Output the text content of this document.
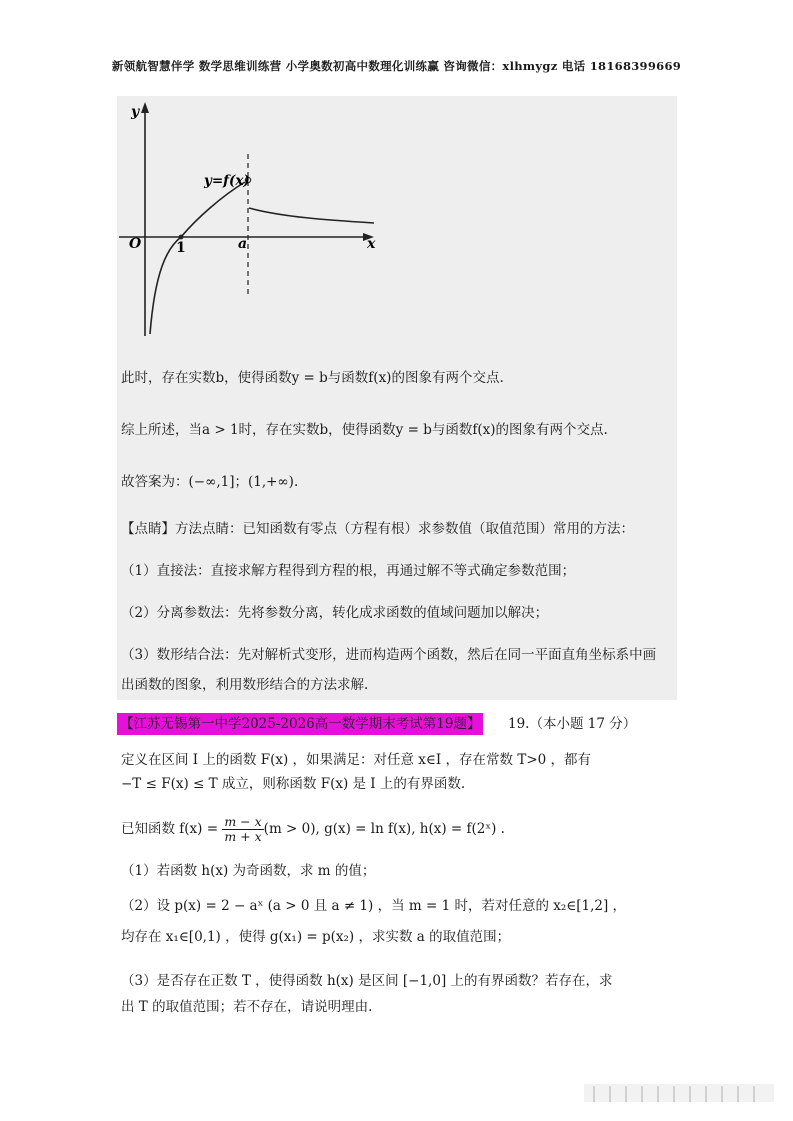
新领航智慧伴学 数学思维训练营 小学奥数初高中数理化训练赢 咨询微信：xlhmygz 电话 18168399669
y
x
O 1	a
y=f(x)
此时，存在实数b，使得函数y = b与函数f(x)的图象有两个交点.
综上所述，当a > 1时，存在实数b，使得函数y = b与函数f(x)的图象有两个交点.
故答案为：(−∞,1]；(1,+∞).
【点睛】方法点睛：已知函数有零点（方程有根）求参数值（取值范围）常用的方法：
（1）直接法：直接求解方程得到方程的根，再通过解不等式确定参数范围；
（2）分离参数法：先将参数分离，转化成求函数的值域问题加以解决；
（3）数形结合法：先对解析式变形，进而构造两个函数，然后在同一平面直角坐标系中画
出函数的图象，利用数形结合的方法求解.
【江苏无锡第一中学2025-2026高一数学期末考试第19题】 19.（本小题 17 分）
定义在区间 I 上的函数 F(x) ，如果满足：对任意 x∈I ，存在常数 T>0 ，都有
−T ≤ F(x) ≤ T 成立，则称函数 F(x) 是 I 上的有界函数.
已知函数 $f(x) = \frac{m - x}{m + x} (m > 0)$, g(x) = ln f(x), h(x) = f(2ˣ) .
（1）若函数 h(x) 为奇函数，求 m 的值；
（2）设 p(x) = 2 − aˣ (a > 0 且 a ≠ 1) ，当 m = 1 时，若对任意的 x₂∈[1,2] ，
均存在 x₁∈[0,1) ，使得 g(x₁) = p(x₂) ，求实数 a 的取值范围；
（3）是否存在正数 T ，使得函数 h(x) 是区间 [−1,0] 上的有界函数？若存在，求
出 T 的取值范围；若不存在，请说明理由.
